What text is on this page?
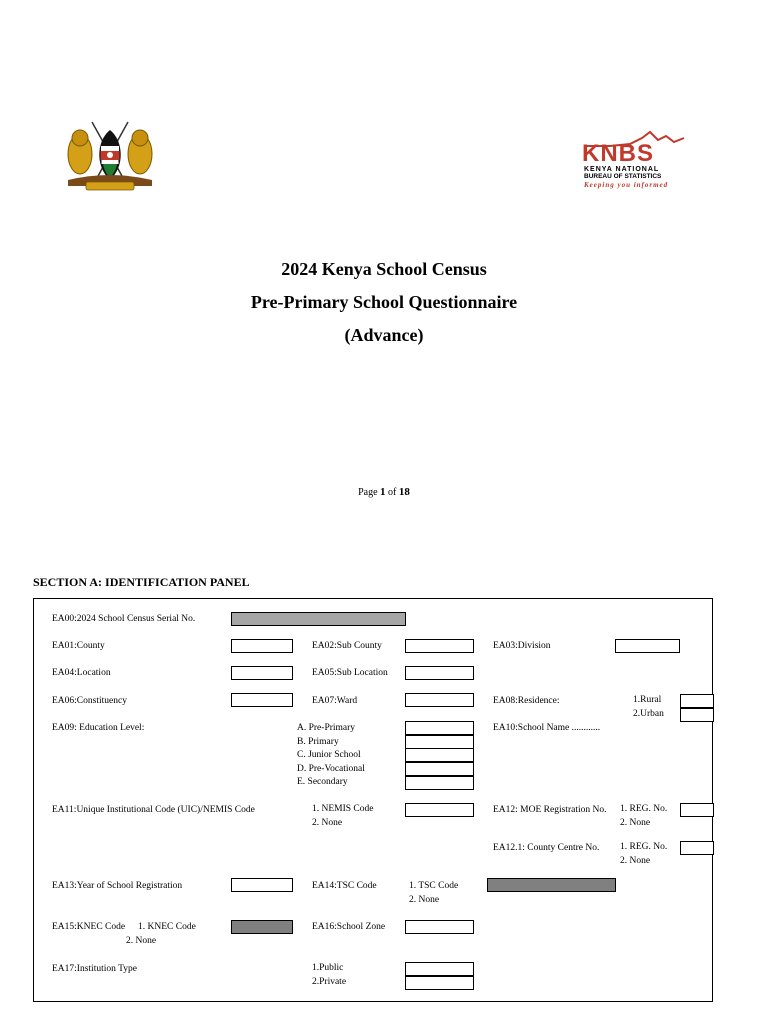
KNBS
KENYA NATIONAL
BUREAU OF STATISTICS
Keeping you informed
2024 Kenya School Census
Pre-Primary School Questionnaire
(Advance)
Page 1 of 18
SECTION A: IDENTIFICATION PANEL
EA00:2024 School Census Serial No.
EA01:County	EA02:Sub County	EA03:Division
EA04:Location	EA05:Sub Location
EA06:Constituency	EA07:Ward	EA08:Residence:	1.Rural
2.Urban
EA09: Education Level:	A. Pre-Primary
B. Primary
C. Junior School
D. Pre-Vocational
E. Secondary
EA10:School Name ............
EA11:Unique Institutional Code (UIC)/NEMIS Code	1. NEMIS Code
2. None
EA12: MOE Registration No. 1. REG. No.
2. None
EA12.1: County Centre No. 1. REG. No.
2. None
EA13:Year of School Registration	EA14:TSC Code	1. TSC Code
2. None
EA15:KNEC Code 1. KNEC Code
2. None
EA16:School Zone
EA17:Institution Type	1.Public
2.Private
